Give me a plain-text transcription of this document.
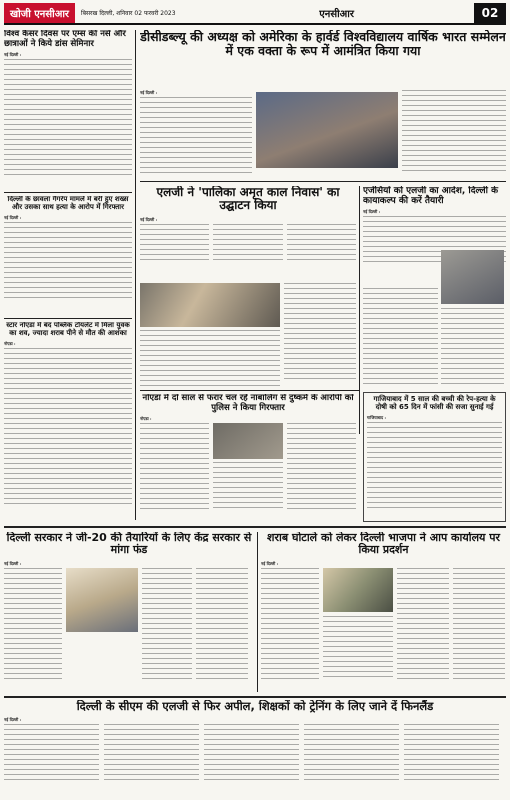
खोजी एनसीआर	बिसरख दिल्ली, शनिवार 02 फरवरी 2023	एनसीआर	02
विश्व कैंसर दिवस पर एम्स की नर्स और छात्राओं ने किये डांस सेमिनार
नई दिल्ली :
दिल्ली के छावला गैंगरेप मामले में बरी हुए शख्स और उसका साथ हत्या के आरोप में गिरफ्तार
नई दिल्ली :
स्टार नोएडा में बंद पब्लिक टॉयलेट में मिला युवक का शव, ज्यादा शराब पीने से मौत की आशंका
नोएडा :
डीसीडब्ल्यू की अध्यक्ष को अमेरिका के हार्वर्ड विश्वविद्यालय वार्षिक भारत सम्मेलन में एक वक्ता के रूप में आमंत्रित किया गया
नई दिल्ली :
एलजी ने 'पालिका अमृत काल निवास' का उद्घाटन किया
नई दिल्ली :
एजेंसियों को एलजी का आदेश, दिल्ली के कायाकल्प की करें तैयारी
नई दिल्ली :
नोएडा में दो साल से फरार चल रहे नाबालिग से दुष्कर्म के आरोपी को पुलिस ने किया गिरफ्तार
नोएडा :
गाजियाबाद में 5 साल की बच्ची की रेप-हत्या के दोषी को 65 दिन में फांसी की सजा सुनाई गई
गाजियाबाद :
दिल्ली सरकार ने जी-20 की तैयारियों के लिए केंद्र सरकार से मांगा फंड
नई दिल्ली :
शराब घोटाले को लेकर दिल्ली भाजपा ने आप कार्यालय पर किया प्रदर्शन
नई दिल्ली :
दिल्ली के सीएम की एलजी से फिर अपील, शिक्षकों को ट्रेनिंग के लिए जाने दें फिनलैंड
नई दिल्ली :
